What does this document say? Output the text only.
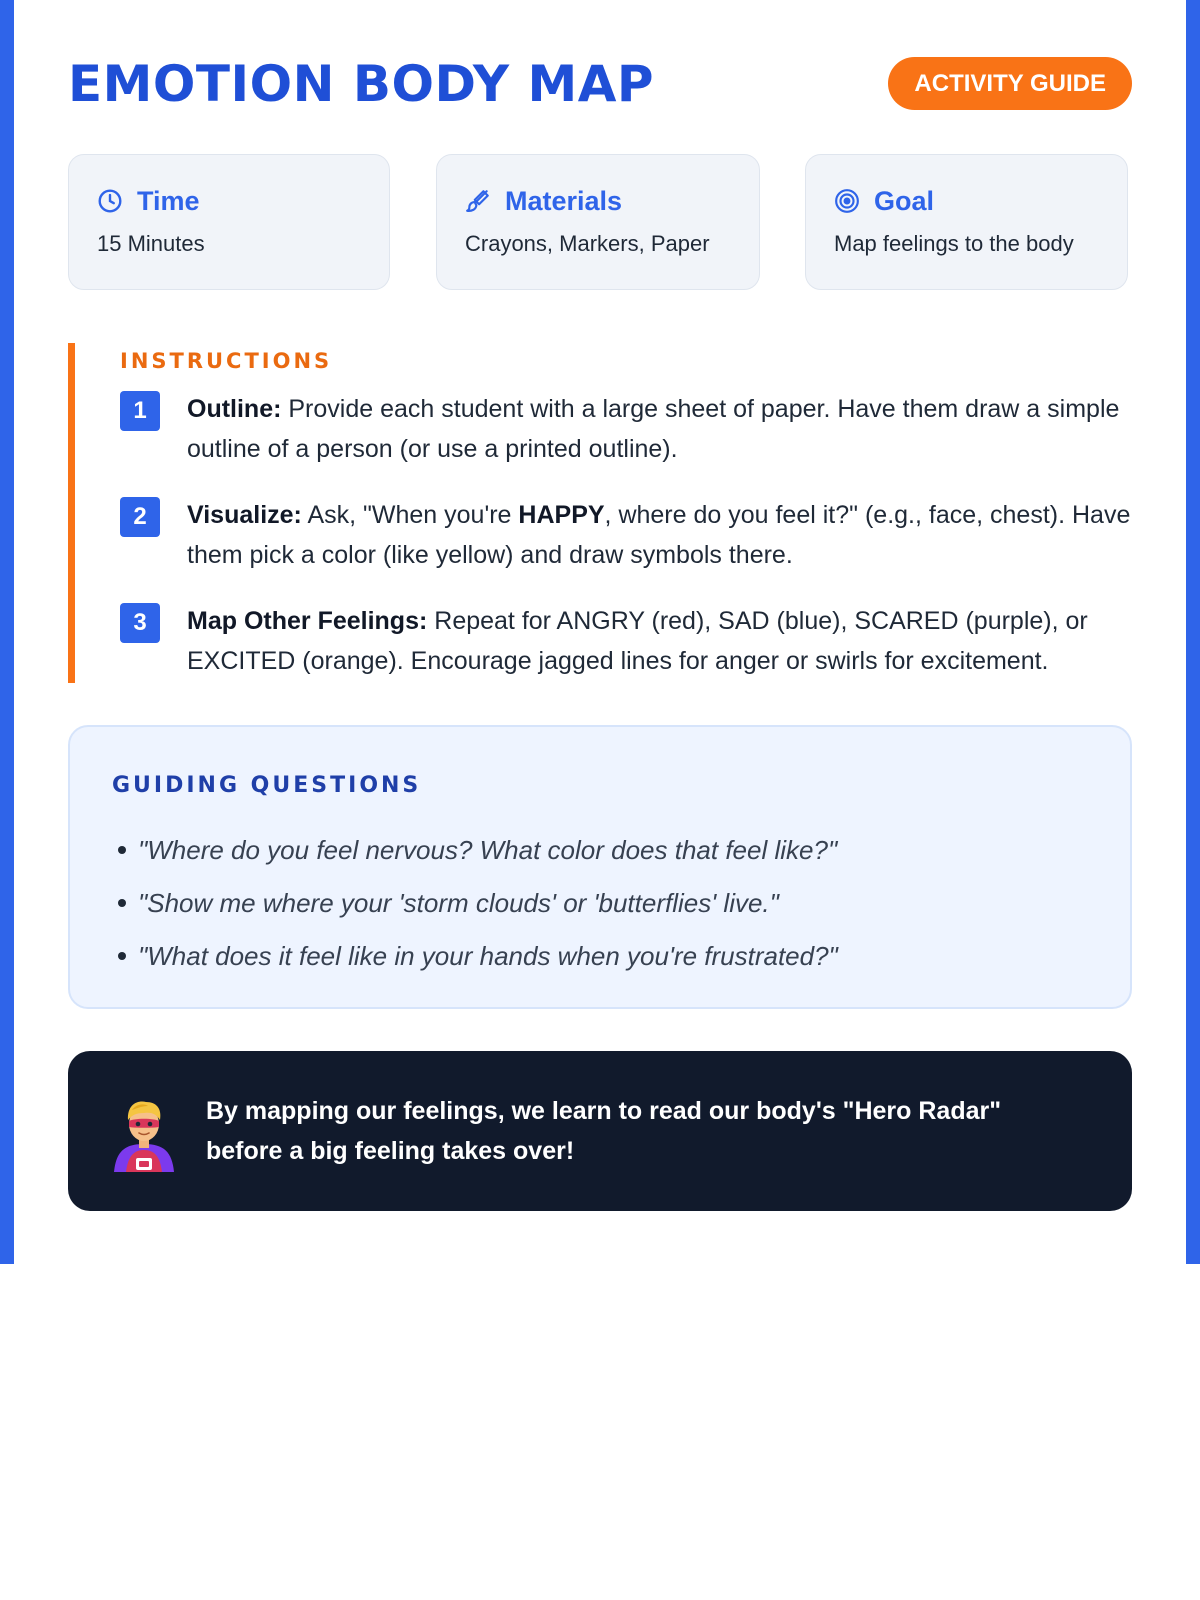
EMOTION BODY MAP	ACTIVITY GUIDE
Time
15 Minutes
Materials
Crayons, Markers, Paper
Goal
Map feelings to the body
INSTRUCTIONS
1	Outline: Provide each student with a large sheet of paper. Have them draw a simple outline of a person (or use a printed outline).
2	Visualize: Ask, "When you're HAPPY, where do you feel it?" (e.g., face, chest). Have them pick a color (like yellow) and draw symbols there.
3	Map Other Feelings: Repeat for ANGRY (red), SAD (blue), SCARED (purple), or EXCITED (orange). Encourage jagged lines for anger or swirls for excitement.
GUIDING QUESTIONS
"Where do you feel nervous? What color does that feel like?"
"Show me where your 'storm clouds' or 'butterflies' live."
"What does it feel like in your hands when you're frustrated?"
By mapping our feelings, we learn to read our body's "Hero Radar" before a big feeling takes over!
